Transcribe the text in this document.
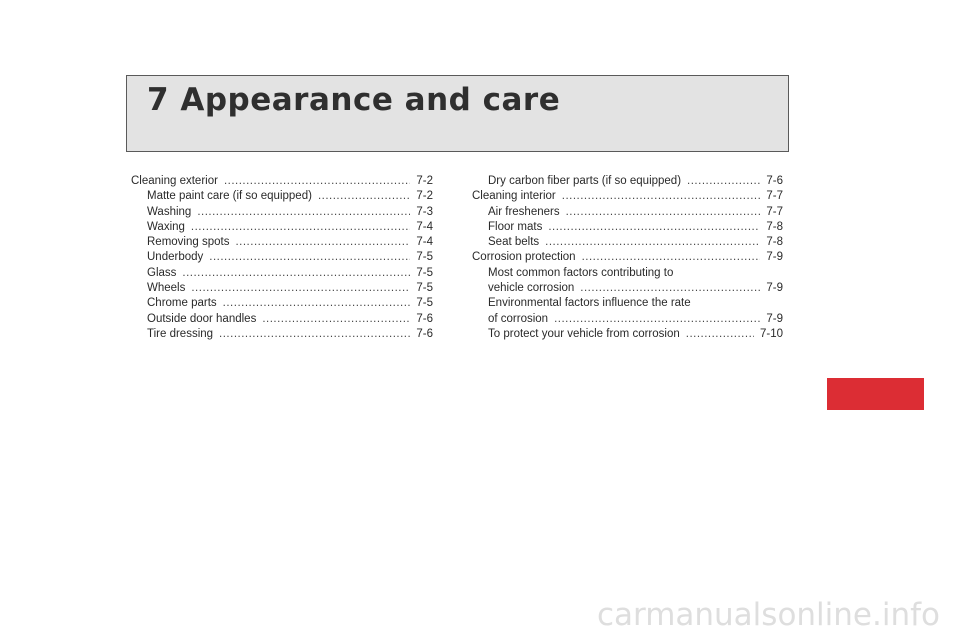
7 Appearance and care
Cleaning exterior .....	7-2
Matte paint care (if so equipped) .....	7-2
Washing .....	7-3
Waxing .....	7-4
Removing spots .....	7-4
Underbody .....	7-5
Glass .....	7-5
Wheels .....	7-5
Chrome parts .....	7-5
Outside door handles .....	7-6
Tire dressing .....	7-6
Dry carbon fiber parts (if so equipped) .....	7-6
Cleaning interior .....	7-7
Air fresheners .....	7-7
Floor mats .....	7-8
Seat belts .....	7-8
Corrosion protection .....	7-9
Most common factors contributing to
vehicle corrosion .....	7-9
Environmental factors influence the rate
of corrosion .....	7-9
To protect your vehicle from corrosion .....	7-10
carmanualsonline.info
